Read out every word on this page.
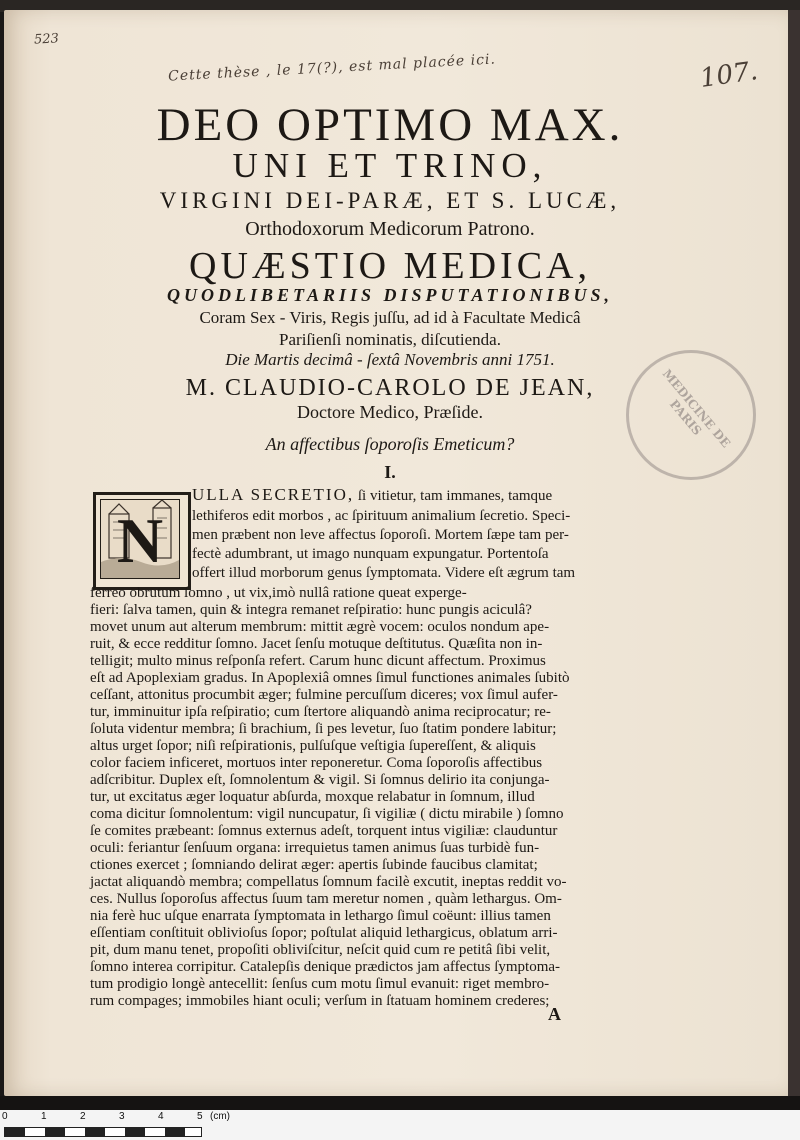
523
Cette thèse , le 17(?), est mal placée ici.	107.
MEDICINE DE PARIS
DEO OPTIMO MAX.
UNI ET TRINO,
VIRGINI DEI-PARÆ, ET S. LUCÆ,
Orthodoxorum Medicorum Patrono.
QUÆSTIO MEDICA,
QUODLIBETARIIS DISPUTATIONIBUS,
Coram Sex - Viris, Regis juſſu, ad id à Facultate Medicâ
Pariſienſi nominatis, diſcutienda.
Die Martis decimâ - ſextâ Novembris anni 1751.
M. CLAUDIO-CAROLO DE JEAN,
Doctore Medico, Præſide.
An affectibus ſoporoſis Emeticum?
I.
N
ULLA SECRETIO, ſi vitietur, tam immanes, tamque
lethiferos edit morbos , ac ſpirituum animalium ſecretio. Speci-
men præbent non leve affectus ſoporoſi. Mortem ſæpe tam per-
fectè adumbrant, ut imago nunquam expungatur. Portentoſa
offert illud morborum genus ſymptomata. Videre eſt ægrum tam
ferreo obrutum ſomno , ut vix,imò nullâ ratione queat experge-
fieri: ſalva tamen, quin & integra remanet reſpiratio: hunc pungis aciculâ?
movet unum aut alterum membrum: mittit ægrè vocem: oculos nondum ape-
ruit, & ecce redditur ſomno. Jacet ſenſu motuque deſtitutus. Quæſita non in-
telligit; multo minus reſponſa refert. Carum hunc dicunt affectum. Proximus
eſt ad Apoplexiam gradus. In Apoplexiâ omnes ſimul functiones animales ſubitò
ceſſant, attonitus procumbit æger; fulmine percuſſum diceres; vox ſimul aufer-
tur, imminuitur ipſa reſpiratio; cum ſtertore aliquandò anima reciprocatur; re-
ſoluta videntur membra; ſi brachium, ſi pes levetur, ſuo ſtatim pondere labitur;
altus urget ſopor; niſi reſpirationis, pulſuſque veſtigia ſupereſſent, & aliquis
color faciem inficeret, mortuos inter reponeretur. Coma ſoporoſis affectibus
adſcribitur. Duplex eſt, ſomnolentum & vigil. Si ſomnus delirio ita conjunga-
tur, ut excitatus æger loquatur abſurda, moxque relabatur in ſomnum, illud
coma dicitur ſomnolentum: vigil nuncupatur, ſi vigiliæ ( dictu mirabile ) ſomno
ſe comites præbeant: ſomnus externus adeſt, torquent intus vigiliæ: clauduntur
oculi: feriantur ſenſuum organa: irrequietus tamen animus ſuas turbidè fun-
ctiones exercet ; ſomniando delirat æger: apertis ſubinde faucibus clamitat;
jactat aliquandò membra; compellatus ſomnum facilè excutit, ineptas reddit vo-
ces. Nullus ſoporoſus affectus ſuum tam meretur nomen , quàm lethargus. Om-
nia ferè huc uſque enarrata ſymptomata in lethargo ſimul coëunt: illius tamen
eſſentiam conſtituit oblivioſus ſopor; poſtulat aliquid lethargicus, oblatum arri-
pit, dum manu tenet, propoſiti obliviſcitur, neſcit quid cum re petitâ ſibi velit,
ſomno interea corripitur. Catalepſis denique prædictos jam affectus ſymptoma-
tum prodigio longè antecellit: ſenſus cum motu ſimul evanuit: riget membro-
rum compages; immobiles hiant oculi; verſum in ſtatuam hominem crederes;
A
0	1	2	3	4	5 (cm)
